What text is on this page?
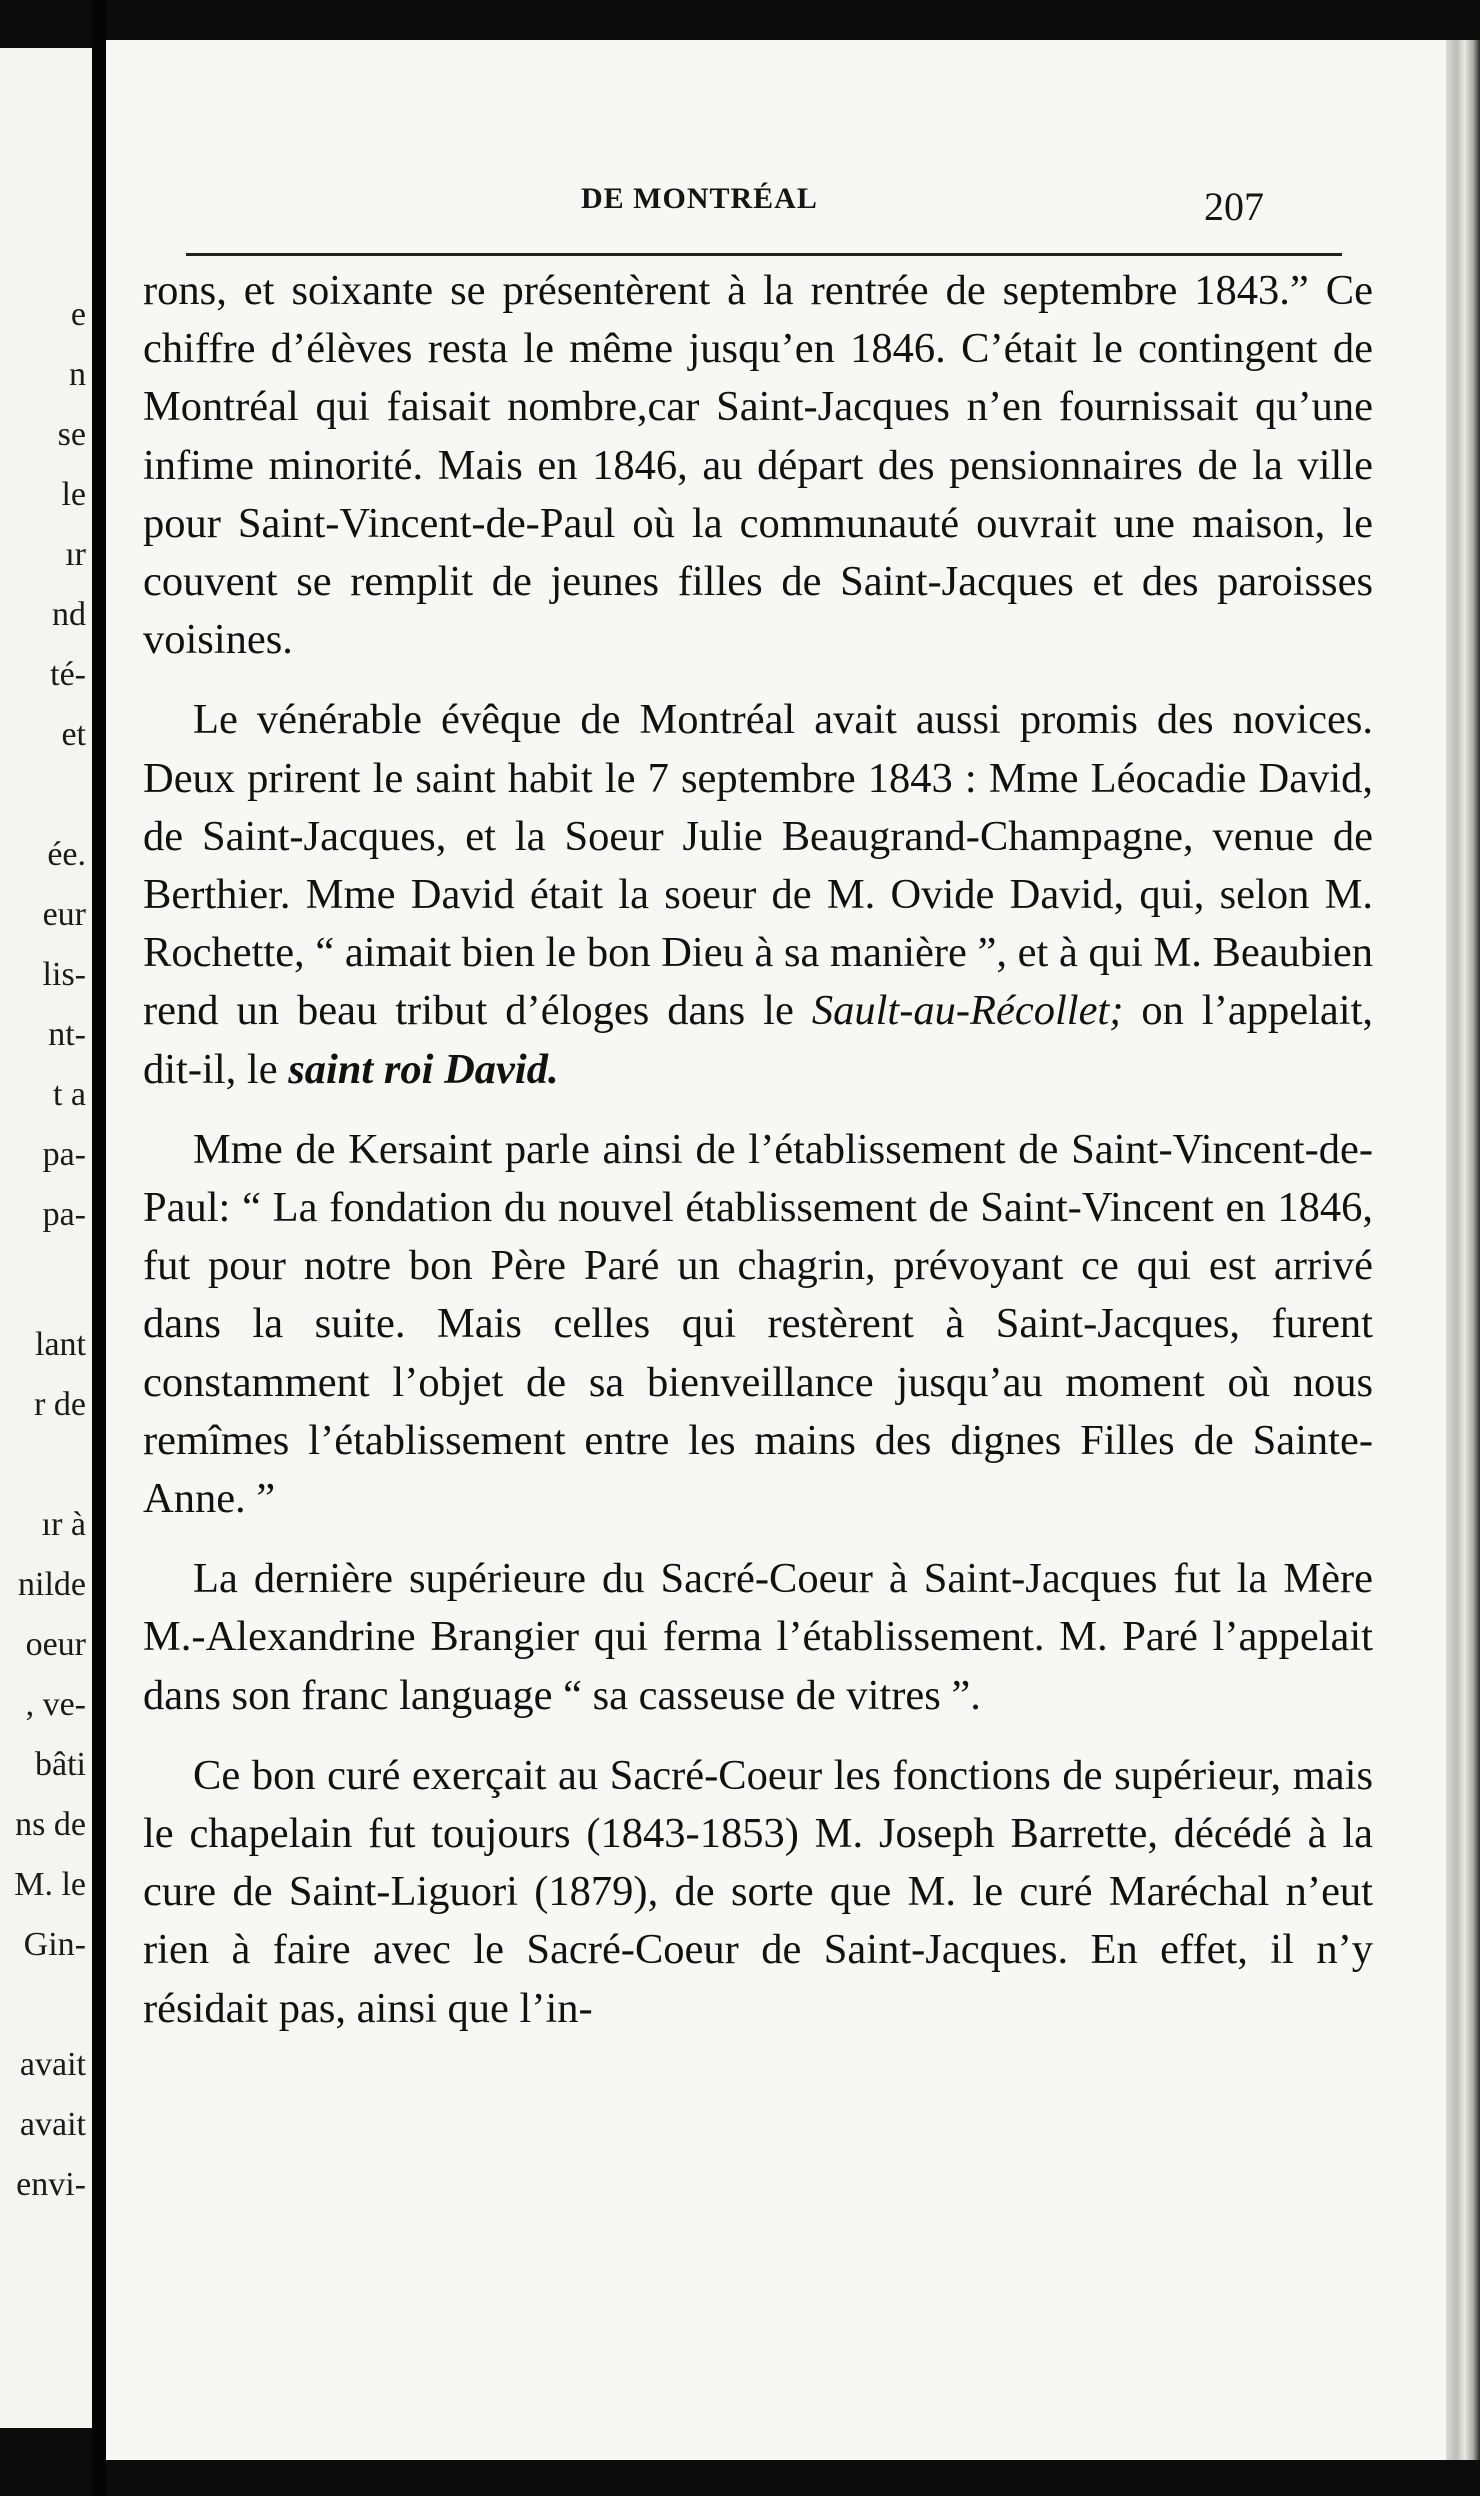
e
n
se
le
ır
nd
té-
et
ée.
eur
lis-
nt-
t a
pa-
pa-
lant
r de
ır à
nilde
oeur
, ve-
bâti
ns de
M. le
Gin-
avait
avait
envi-
DE MONTRÉAL	207

rons, et soixante se présentèrent à la rentrée de septembre 1843.” Ce chiffre d’élèves resta le même jusqu’en 1846. C’était le contingent de Montréal qui faisait nombre,car Saint-Jacques n’en fournissait qu’une infime minorité. Mais en 1846, au départ des pensionnaires de la ville pour Saint-Vincent-de-Paul où la communauté ouvrait une maison, le couvent se remplit de jeunes filles de Saint-Jacques et des paroisses voisines.

Le vénérable évêque de Montréal avait aussi promis des novices. Deux prirent le saint habit le 7 septembre 1843 : Mme Léocadie David, de Saint-Jacques, et la Soeur Julie Beaugrand-Champagne, venue de Berthier. Mme David était la soeur de M. Ovide David, qui, selon M. Rochette, “ aimait bien le bon Dieu à sa manière ”, et à qui M. Beaubien rend un beau tribut d’éloges dans le Sault-au-Récollet; on l’appelait, dit-il, le saint roi David.

Mme de Kersaint parle ainsi de l’établissement de Saint-Vincent-de-Paul: “ La fondation du nouvel établissement de Saint-Vincent en 1846, fut pour notre bon Père Paré un chagrin, prévoyant ce qui est arrivé dans la suite. Mais celles qui restèrent à Saint-Jacques, furent constamment l’objet de sa bienveillance jusqu’au moment où nous remîmes l’établissement entre les mains des dignes Filles de Sainte-Anne. ”

La dernière supérieure du Sacré-Coeur à Saint-Jacques fut la Mère M.-Alexandrine Brangier qui ferma l’établissement. M. Paré l’appelait dans son franc language “ sa casseuse de vitres ”.

Ce bon curé exerçait au Sacré-Coeur les fonctions de supérieur, mais le chapelain fut toujours (1843-1853) M. Joseph Barrette, décédé à la cure de Saint-Liguori (1879), de sorte que M. le curé Maréchal n’eut rien à faire avec le Sacré-Coeur de Saint-Jacques. En effet, il n’y résidait pas, ainsi que l’in-
